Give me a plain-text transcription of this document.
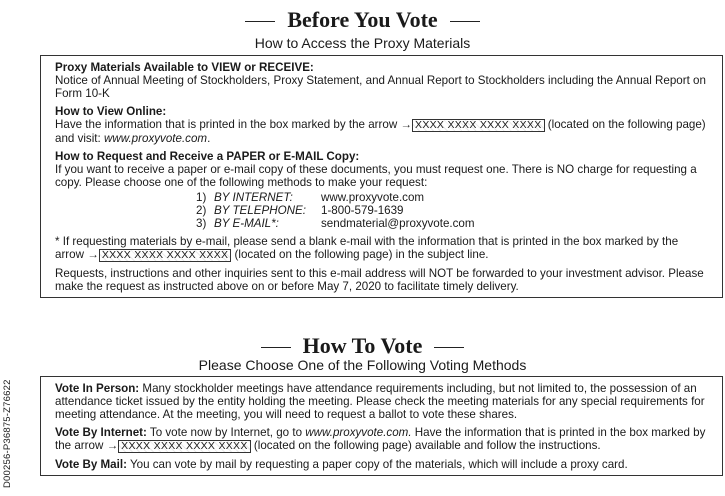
Before You Vote
How to Access the Proxy Materials

Proxy Materials Available to VIEW or RECEIVE:

Notice of Annual Meeting of Stockholders, Proxy Statement, and Annual Report to Stockholders including the Annual Report on Form 10-K

How to View Online:

Have the information that is printed in the box marked by the arrow → XXXX XXXX XXXX XXXX (located on the following page) and visit: www.proxyvote.com.

How to Request and Receive a PAPER or E-MAIL Copy:

If you want to receive a paper or e-mail copy of these documents, you must request one. There is NO charge for requesting a copy. Please choose one of the following methods to make your request:

1)	BY INTERNET:	www.proxyvote.com
2)	BY TELEPHONE:	1-800-579-1639
3)	BY E-MAIL*:	sendmaterial@proxyvote.com

* If requesting materials by e-mail, please send a blank e-mail with the information that is printed in the box marked by the arrow → XXXX XXXX XXXX XXXX (located on the following page) in the subject line.

Requests, instructions and other inquiries sent to this e-mail address will NOT be forwarded to your investment advisor. Please make the request as instructed above on or before May 7, 2020 to facilitate timely delivery.

How To Vote
Please Choose One of the Following Voting Methods

Vote In Person: Many stockholder meetings have attendance requirements including, but not limited to, the possession of an attendance ticket issued by the entity holding the meeting. Please check the meeting materials for any special requirements for meeting attendance. At the meeting, you will need to request a ballot to vote these shares.

Vote By Internet: To vote now by Internet, go to www.proxyvote.com. Have the information that is printed in the box marked by the arrow → XXXX XXXX XXXX XXXX (located on the following page) available and follow the instructions.

Vote By Mail: You can vote by mail by requesting a paper copy of the materials, which will include a proxy card.

D00256-P36875-Z76622
